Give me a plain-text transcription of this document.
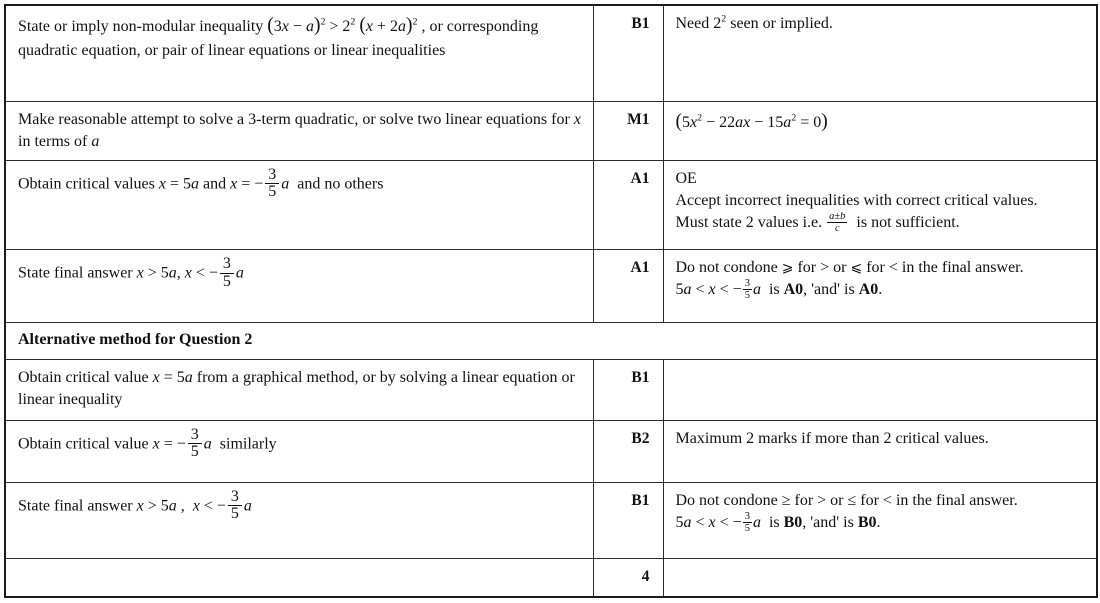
State or imply non-modular inequality $(3x - a)^2 > 2^2$ $(x + 2a)^2$ , or corresponding quadratic equation, or pair of linear equations or linear inequalities	B1	Need $2^2$ seen or implied.
Make reasonable attempt to solve a 3-term quadratic, or solve two linear equations for x in terms of a	M1	$(5x^2 - 22ax - 15a^2 = 0)$
Obtain critical values x = 5a and x = − $\frac{3}{5}$ a  and no others	A1	OE
Accept incorrect inequalities with correct critical values.
Must state 2 values i.e. $\frac{a\pm b}{c}$ is not sufficient.
State final answer x > 5a, x < − $\frac{3}{5}$ a	A1	Do not condone ⩾ for > or ⩽ for < in the final answer.
5a < x < − $\frac{3}{5}$ a  is A0, 'and' is A0.
Alternative method for Question 2		
Obtain critical value x = 5a from a graphical method, or by solving a linear equation or linear inequality	B1	
Obtain critical value x = − $\frac{3}{5}$ a  similarly	B2	Maximum 2 marks if more than 2 critical values.
State final answer x > 5a ,  x < − $\frac{3}{5}$ a	B1	Do not condone ≥ for > or ≤ for < in the final answer.
5a < x < − $\frac{3}{5}$ a  is B0, 'and' is B0.
	4	
